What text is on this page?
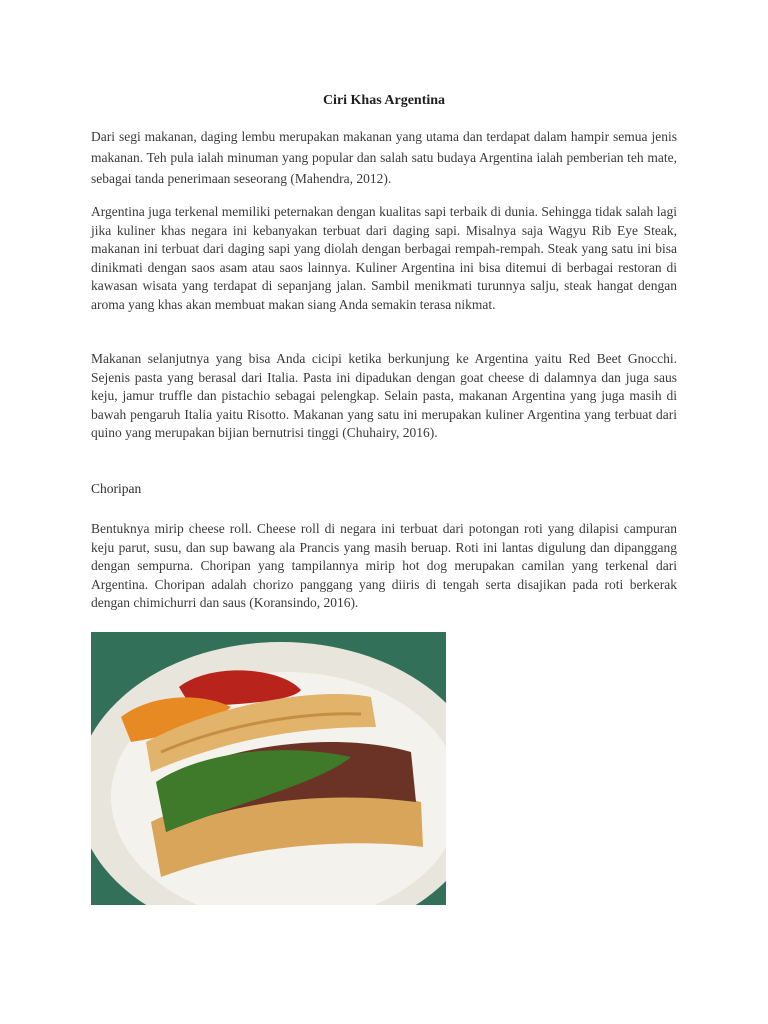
Ciri Khas Argentina

Dari segi makanan, daging lembu merupakan makanan yang utama dan terdapat dalam hampir semua jenis makanan. Teh pula ialah minuman yang popular dan salah satu budaya Argentina ialah pemberian teh mate, sebagai tanda penerimaan seseorang (Mahendra, 2012).

Argentina juga terkenal memiliki peternakan dengan kualitas sapi terbaik di dunia. Sehingga tidak salah lagi jika kuliner khas negara ini kebanyakan terbuat dari daging sapi. Misalnya saja Wagyu Rib Eye Steak, makanan ini terbuat dari daging sapi yang diolah dengan berbagai rempah-rempah. Steak yang satu ini bisa dinikmati dengan saos asam atau saos lainnya. Kuliner Argentina ini bisa ditemui di berbagai restoran di kawasan wisata yang terdapat di sepanjang jalan. Sambil menikmati turunnya salju, steak hangat dengan aroma yang khas akan membuat makan siang Anda semakin terasa nikmat.

Makanan selanjutnya yang bisa Anda cicipi ketika berkunjung ke Argentina yaitu Red Beet Gnocchi. Sejenis pasta yang berasal dari Italia. Pasta ini dipadukan dengan goat cheese di dalamnya dan juga saus keju, jamur truffle dan pistachio sebagai pelengkap. Selain pasta, makanan Argentina yang juga masih di bawah pengaruh Italia yaitu Risotto. Makanan yang satu ini merupakan kuliner Argentina yang terbuat dari quino yang merupakan bijian bernutrisi tinggi (Chuhairy, 2016).

Choripan

Bentuknya mirip cheese roll. Cheese roll di negara ini terbuat dari potongan roti yang dilapisi campuran keju parut, susu, dan sup bawang ala Prancis yang masih beruap. Roti ini lantas digulung dan dipanggang dengan sempurna. Choripan yang tampilannya mirip hot dog merupakan camilan yang terkenal dari Argentina. Choripan adalah chorizo panggang yang diiris di tengah serta disajikan pada roti berkerak dengan chimichurri dan saus (Koransindo, 2016).
